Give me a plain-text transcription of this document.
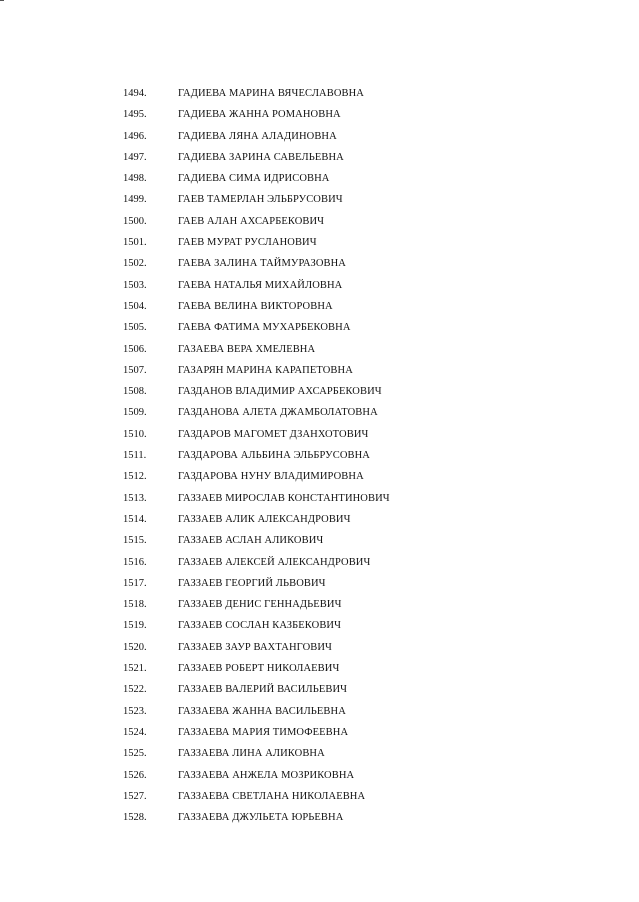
1494.	ГАДИЕВА МАРИНА ВЯЧЕСЛАВОВНА
1495.	ГАДИЕВА ЖАННА РОМАНОВНА
1496.	ГАДИЕВА ЛЯНА АЛАДИНОВНА
1497.	ГАДИЕВА ЗАРИНА САВЕЛЬЕВНА
1498.	ГАДИЕВА СИМА ИДРИСОВНА
1499.	ГАЕВ ТАМЕРЛАН ЭЛЬБРУСОВИЧ
1500.	ГАЕВ АЛАН АХСАРБЕКОВИЧ
1501.	ГАЕВ МУРАТ РУСЛАНОВИЧ
1502.	ГАЕВА ЗАЛИНА ТАЙМУРАЗОВНА
1503.	ГАЕВА НАТАЛЬЯ МИХАЙЛОВНА
1504.	ГАЕВА ВЕЛИНА ВИКТОРОВНА
1505.	ГАЕВА ФАТИМА МУХАРБЕКОВНА
1506.	ГАЗАЕВА ВЕРА ХМЕЛЕВНА
1507.	ГАЗАРЯН МАРИНА КАРАПЕТОВНА
1508.	ГАЗДАНОВ ВЛАДИМИР АХСАРБЕКОВИЧ
1509.	ГАЗДАНОВА АЛЕТА ДЖАМБОЛАТОВНА
1510.	ГАЗДАРОВ МАГОМЕТ ДЗАНХОТОВИЧ
1511.	ГАЗДАРОВА АЛЬБИНА ЭЛЬБРУСОВНА
1512.	ГАЗДАРОВА НУНУ ВЛАДИМИРОВНА
1513.	ГАЗЗАЕВ МИРОСЛАВ КОНСТАНТИНОВИЧ
1514.	ГАЗЗАЕВ АЛИК АЛЕКСАНДРОВИЧ
1515.	ГАЗЗАЕВ АСЛАН АЛИКОВИЧ
1516.	ГАЗЗАЕВ АЛЕКСЕЙ АЛЕКСАНДРОВИЧ
1517.	ГАЗЗАЕВ ГЕОРГИЙ ЛЬВОВИЧ
1518.	ГАЗЗАЕВ ДЕНИС ГЕННАДЬЕВИЧ
1519.	ГАЗЗАЕВ СОСЛАН КАЗБЕКОВИЧ
1520.	ГАЗЗАЕВ ЗАУР ВАХТАНГОВИЧ
1521.	ГАЗЗАЕВ РОБЕРТ НИКОЛАЕВИЧ
1522.	ГАЗЗАЕВ ВАЛЕРИЙ ВАСИЛЬЕВИЧ
1523.	ГАЗЗАЕВА ЖАННА ВАСИЛЬЕВНА
1524.	ГАЗЗАЕВА МАРИЯ ТИМОФЕЕВНА
1525.	ГАЗЗАЕВА ЛИНА АЛИКОВНА
1526.	ГАЗЗАЕВА АНЖЕЛА МОЗРИКОВНА
1527.	ГАЗЗАЕВА СВЕТЛАНА НИКОЛАЕВНА
1528.	ГАЗЗАЕВА ДЖУЛЬЕТА ЮРЬЕВНА
